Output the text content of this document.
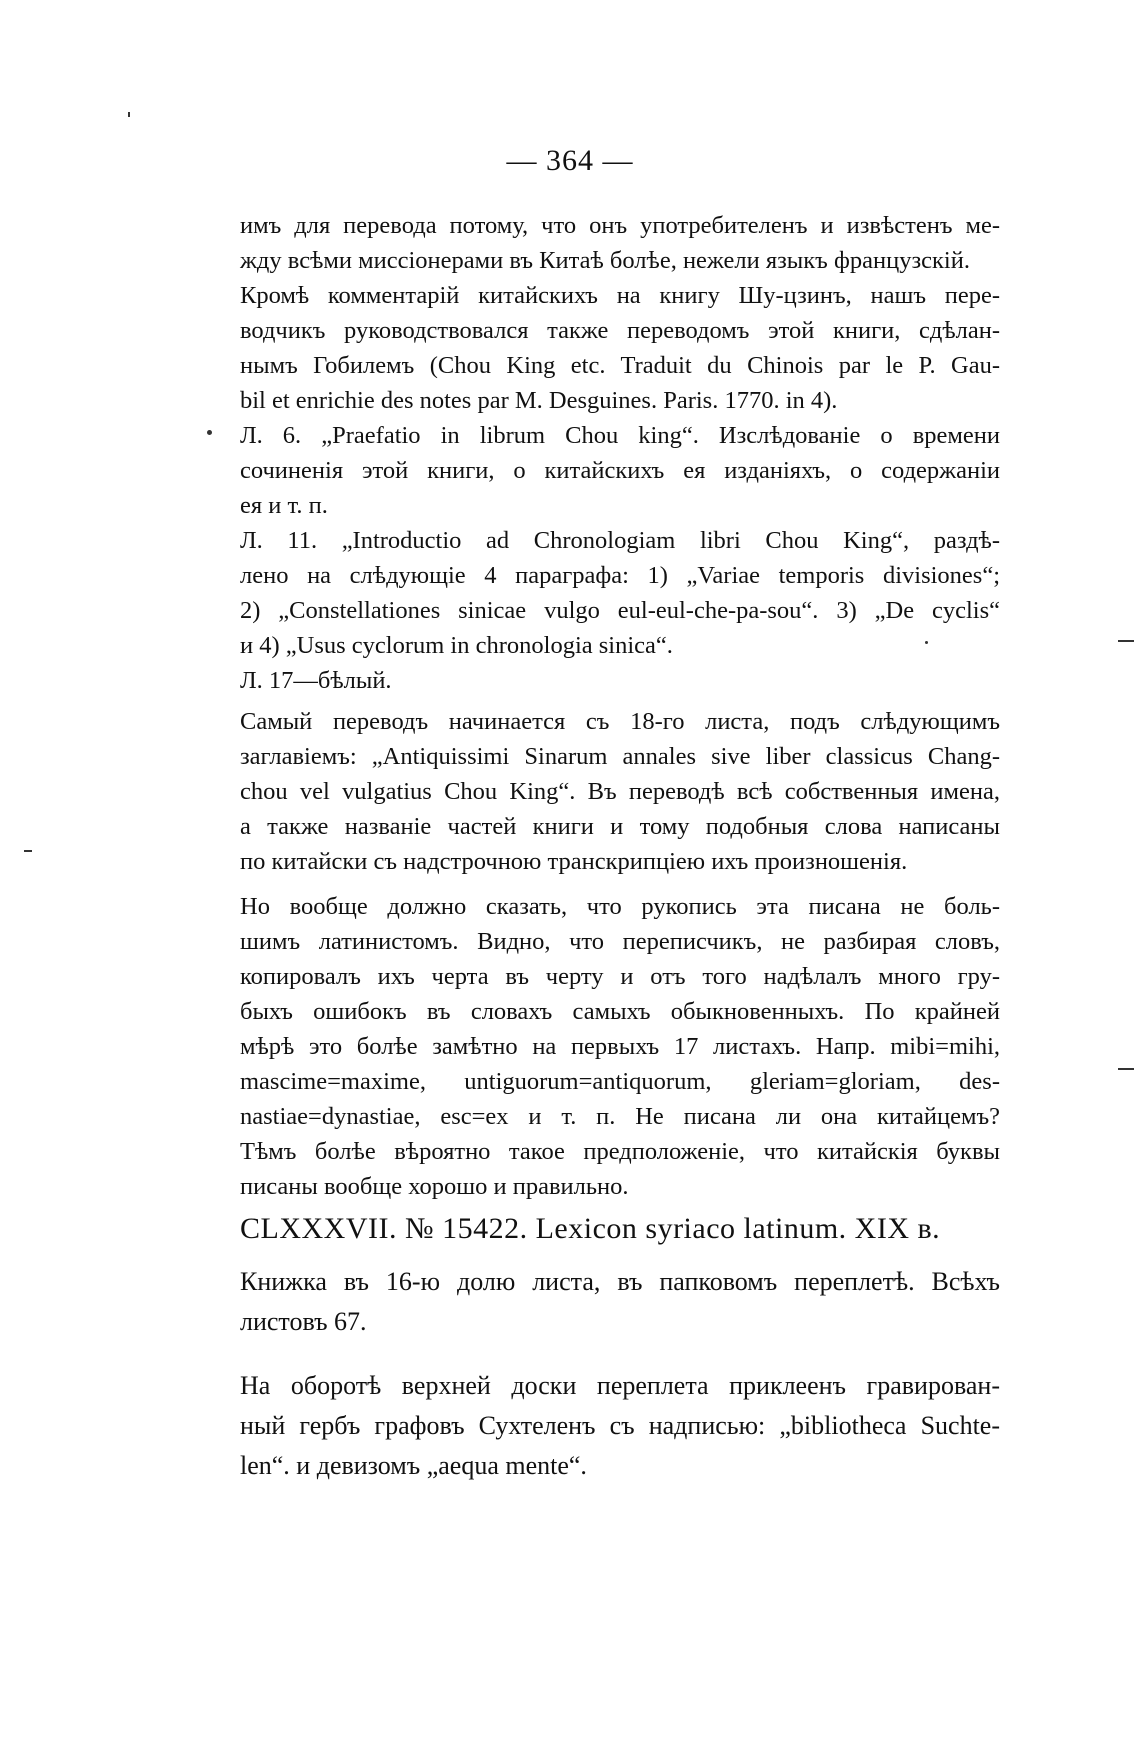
— 364 —

имъ для перевода потому, что онъ употребителенъ и извѣстенъ ме-
жду всѣми миссiонерами въ Китаѣ болѣе, нежели языкъ французскiй.

Кромѣ комментарiй китайскихъ на книгу Шу-цзинъ, нашъ пере-
водчикъ руководствовался также переводомъ этой книги, сдѣлан-
нымъ Гобилемъ (Chou King etc. Traduit du Chinois par le P. Gau-
bil et enrichie des notes par M. Desguines. Paris. 1770. in 4).

Л. 6. „Praefatio in librum Chou king“. Изслѣдованiе о времени
сочиненiя этой книги, о китайскихъ ея изданiяхъ, о содержанiи
ея и т. п.

Л. 11. „Introductio ad Chronologiam libri Chou King“, раздѣ-
лено на слѣдующiе 4 параграфа: 1) „Variae temporis divisiones“;
2) „Constellationes sinicae vulgo eul-eul-che-pa-sou“. 3) „De cyclis“
и 4) „Usus cyclorum in chronologia sinica“.

Л. 17—бѣлый.

Самый переводъ начинается съ 18-го листа, подъ слѣдующимъ
заглавiемъ: „Antiquissimi Sinarum annales sive liber classicus Chang-
chou vel vulgatius Chou King“. Въ переводѣ всѣ собственныя имена,
а также названiе частей книги и тому подобныя слова написаны
по китайски съ надстрочною транскрипцiею ихъ произношенiя.

Но вообще должно сказать, что рукопись эта писана не боль-
шимъ латинистомъ. Видно, что переписчикъ, не разбирая словъ,
копировалъ ихъ черта въ черту и отъ того надѣлалъ много гру-
быхъ ошибокъ въ словахъ самыхъ обыкновенныхъ. По крайней
мѣрѣ это болѣе замѣтно на первыхъ 17 листахъ. Напр. mibi=mihi,
mascime=maxime, untiguorum=antiquorum, gleriam=gloriam, des-
nastiae=dynastiae, esc=ex и т. п. Не писана ли она китайцемъ?
Тѣмъ болѣе вѣроятно такое предположенiе, что китайскiя буквы
писаны вообще хорошо и правильно.

CLXXXVII. № 15422. Lexicon syriaco latinum. XIX в.

Книжка въ 16-ю долю листа, въ папковомъ переплетѣ. Всѣхъ
листовъ 67.

На оборотѣ верхней доски переплета приклеенъ гравирован-
ный гербъ графовъ Сухтеленъ съ надписью: „bibliotheca Suchte-
len“. и девизомъ „aequa mente“.
